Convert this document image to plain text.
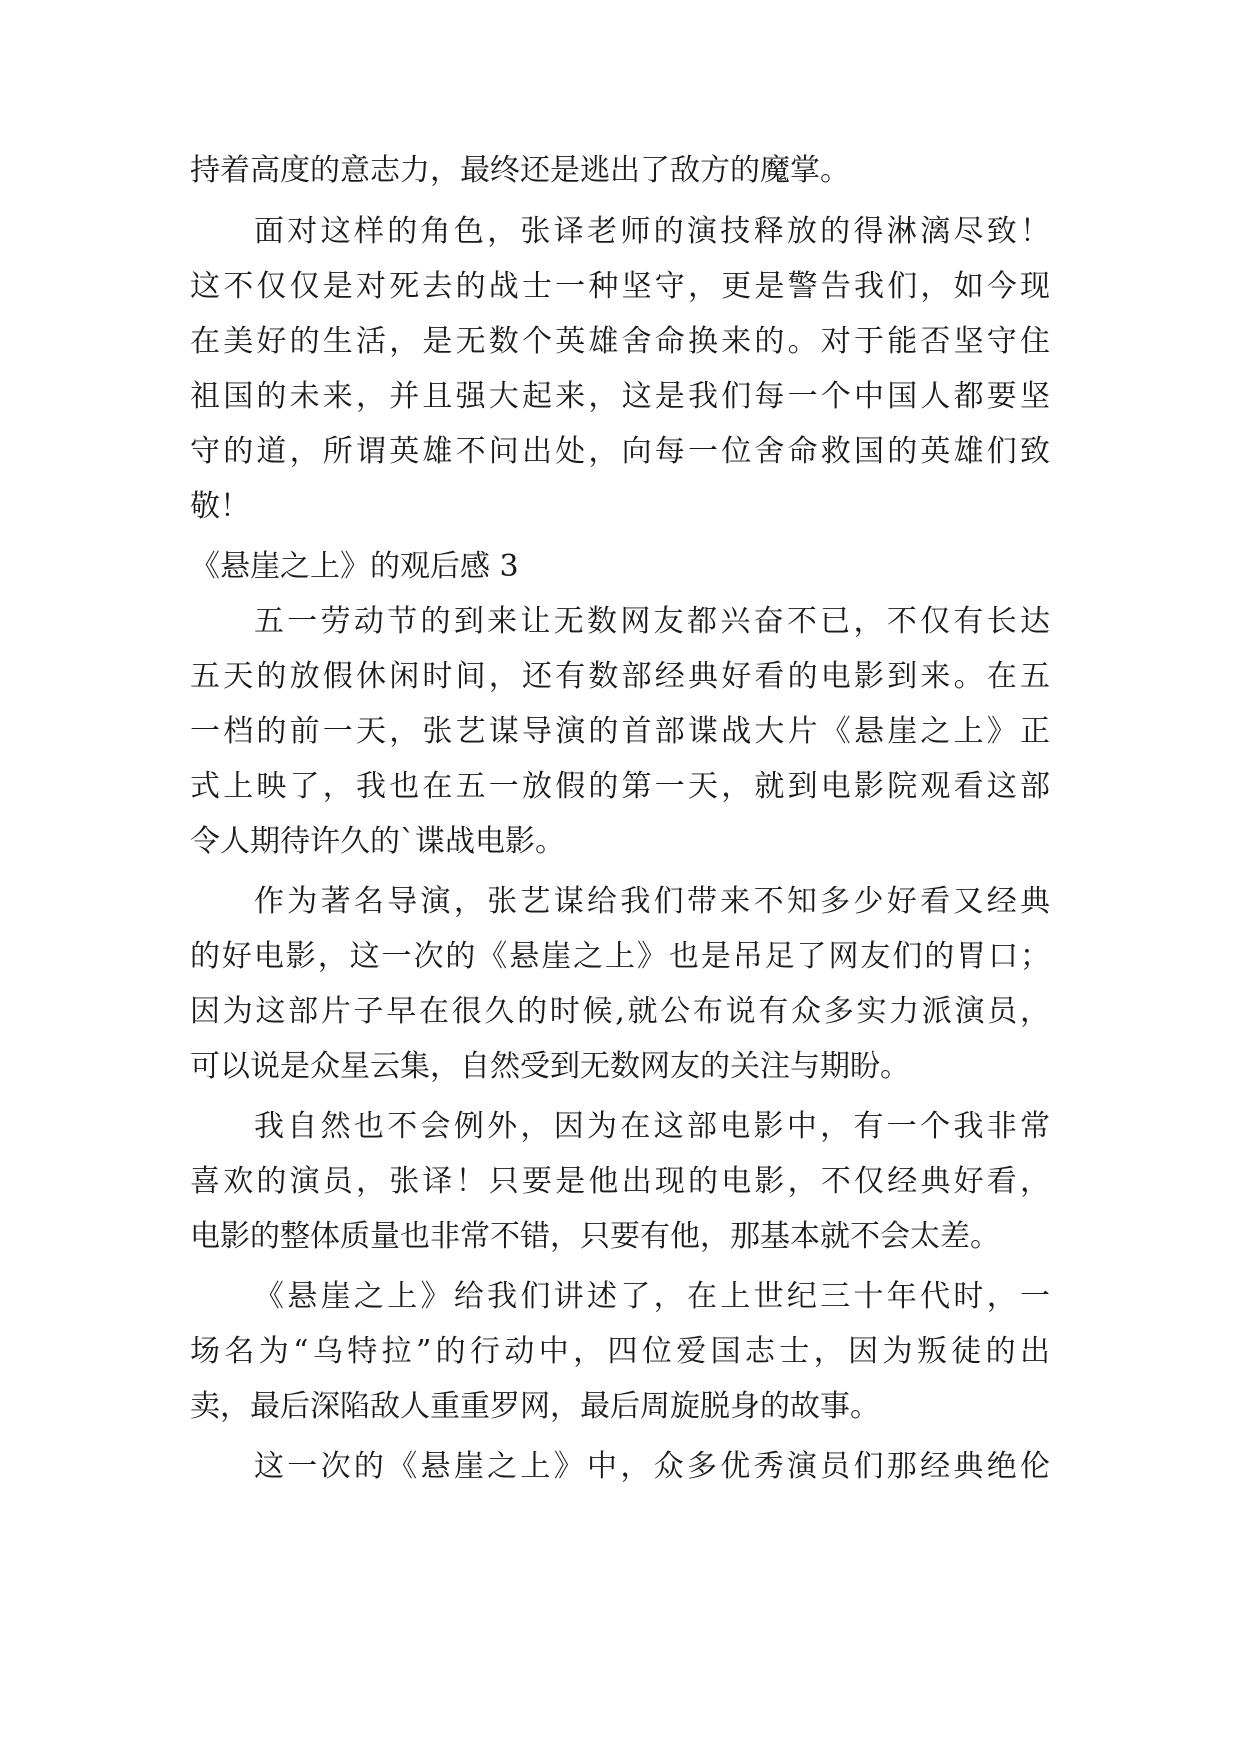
持着高度的意志力，最终还是逃出了敌方的魔掌。
面对这样的角色，张译老师的演技释放的得淋漓尽致！
这不仅仅是对死去的战士一种坚守，更是警告我们，如今现
在美好的生活，是无数个英雄舍命换来的。对于能否坚守住
祖国的未来，并且强大起来，这是我们每一个中国人都要坚
守的道，所谓英雄不问出处，向每一位舍命救国的英雄们致
敬！
《悬崖之上》的观后感 3
五一劳动节的到来让无数网友都兴奋不已，不仅有长达
五天的放假休闲时间，还有数部经典好看的电影到来。在五
一档的前一天，张艺谋导演的首部谍战大片《悬崖之上》正
式上映了，我也在五一放假的第一天，就到电影院观看这部
令人期待许久的`谍战电影。
作为著名导演，张艺谋给我们带来不知多少好看又经典
的好电影，这一次的《悬崖之上》也是吊足了网友们的胃口；
因为这部片子早在很久的时候,就公布说有众多实力派演员，
可以说是众星云集，自然受到无数网友的关注与期盼。
我自然也不会例外，因为在这部电影中，有一个我非常
喜欢的演员，张译！只要是他出现的电影，不仅经典好看，
电影的整体质量也非常不错，只要有他，那基本就不会太差。
《悬崖之上》给我们讲述了，在上世纪三十年代时，一
场名为“乌特拉”的行动中，四位爱国志士，因为叛徒的出
卖，最后深陷敌人重重罗网，最后周旋脱身的故事。
这一次的《悬崖之上》中，众多优秀演员们那经典绝伦
